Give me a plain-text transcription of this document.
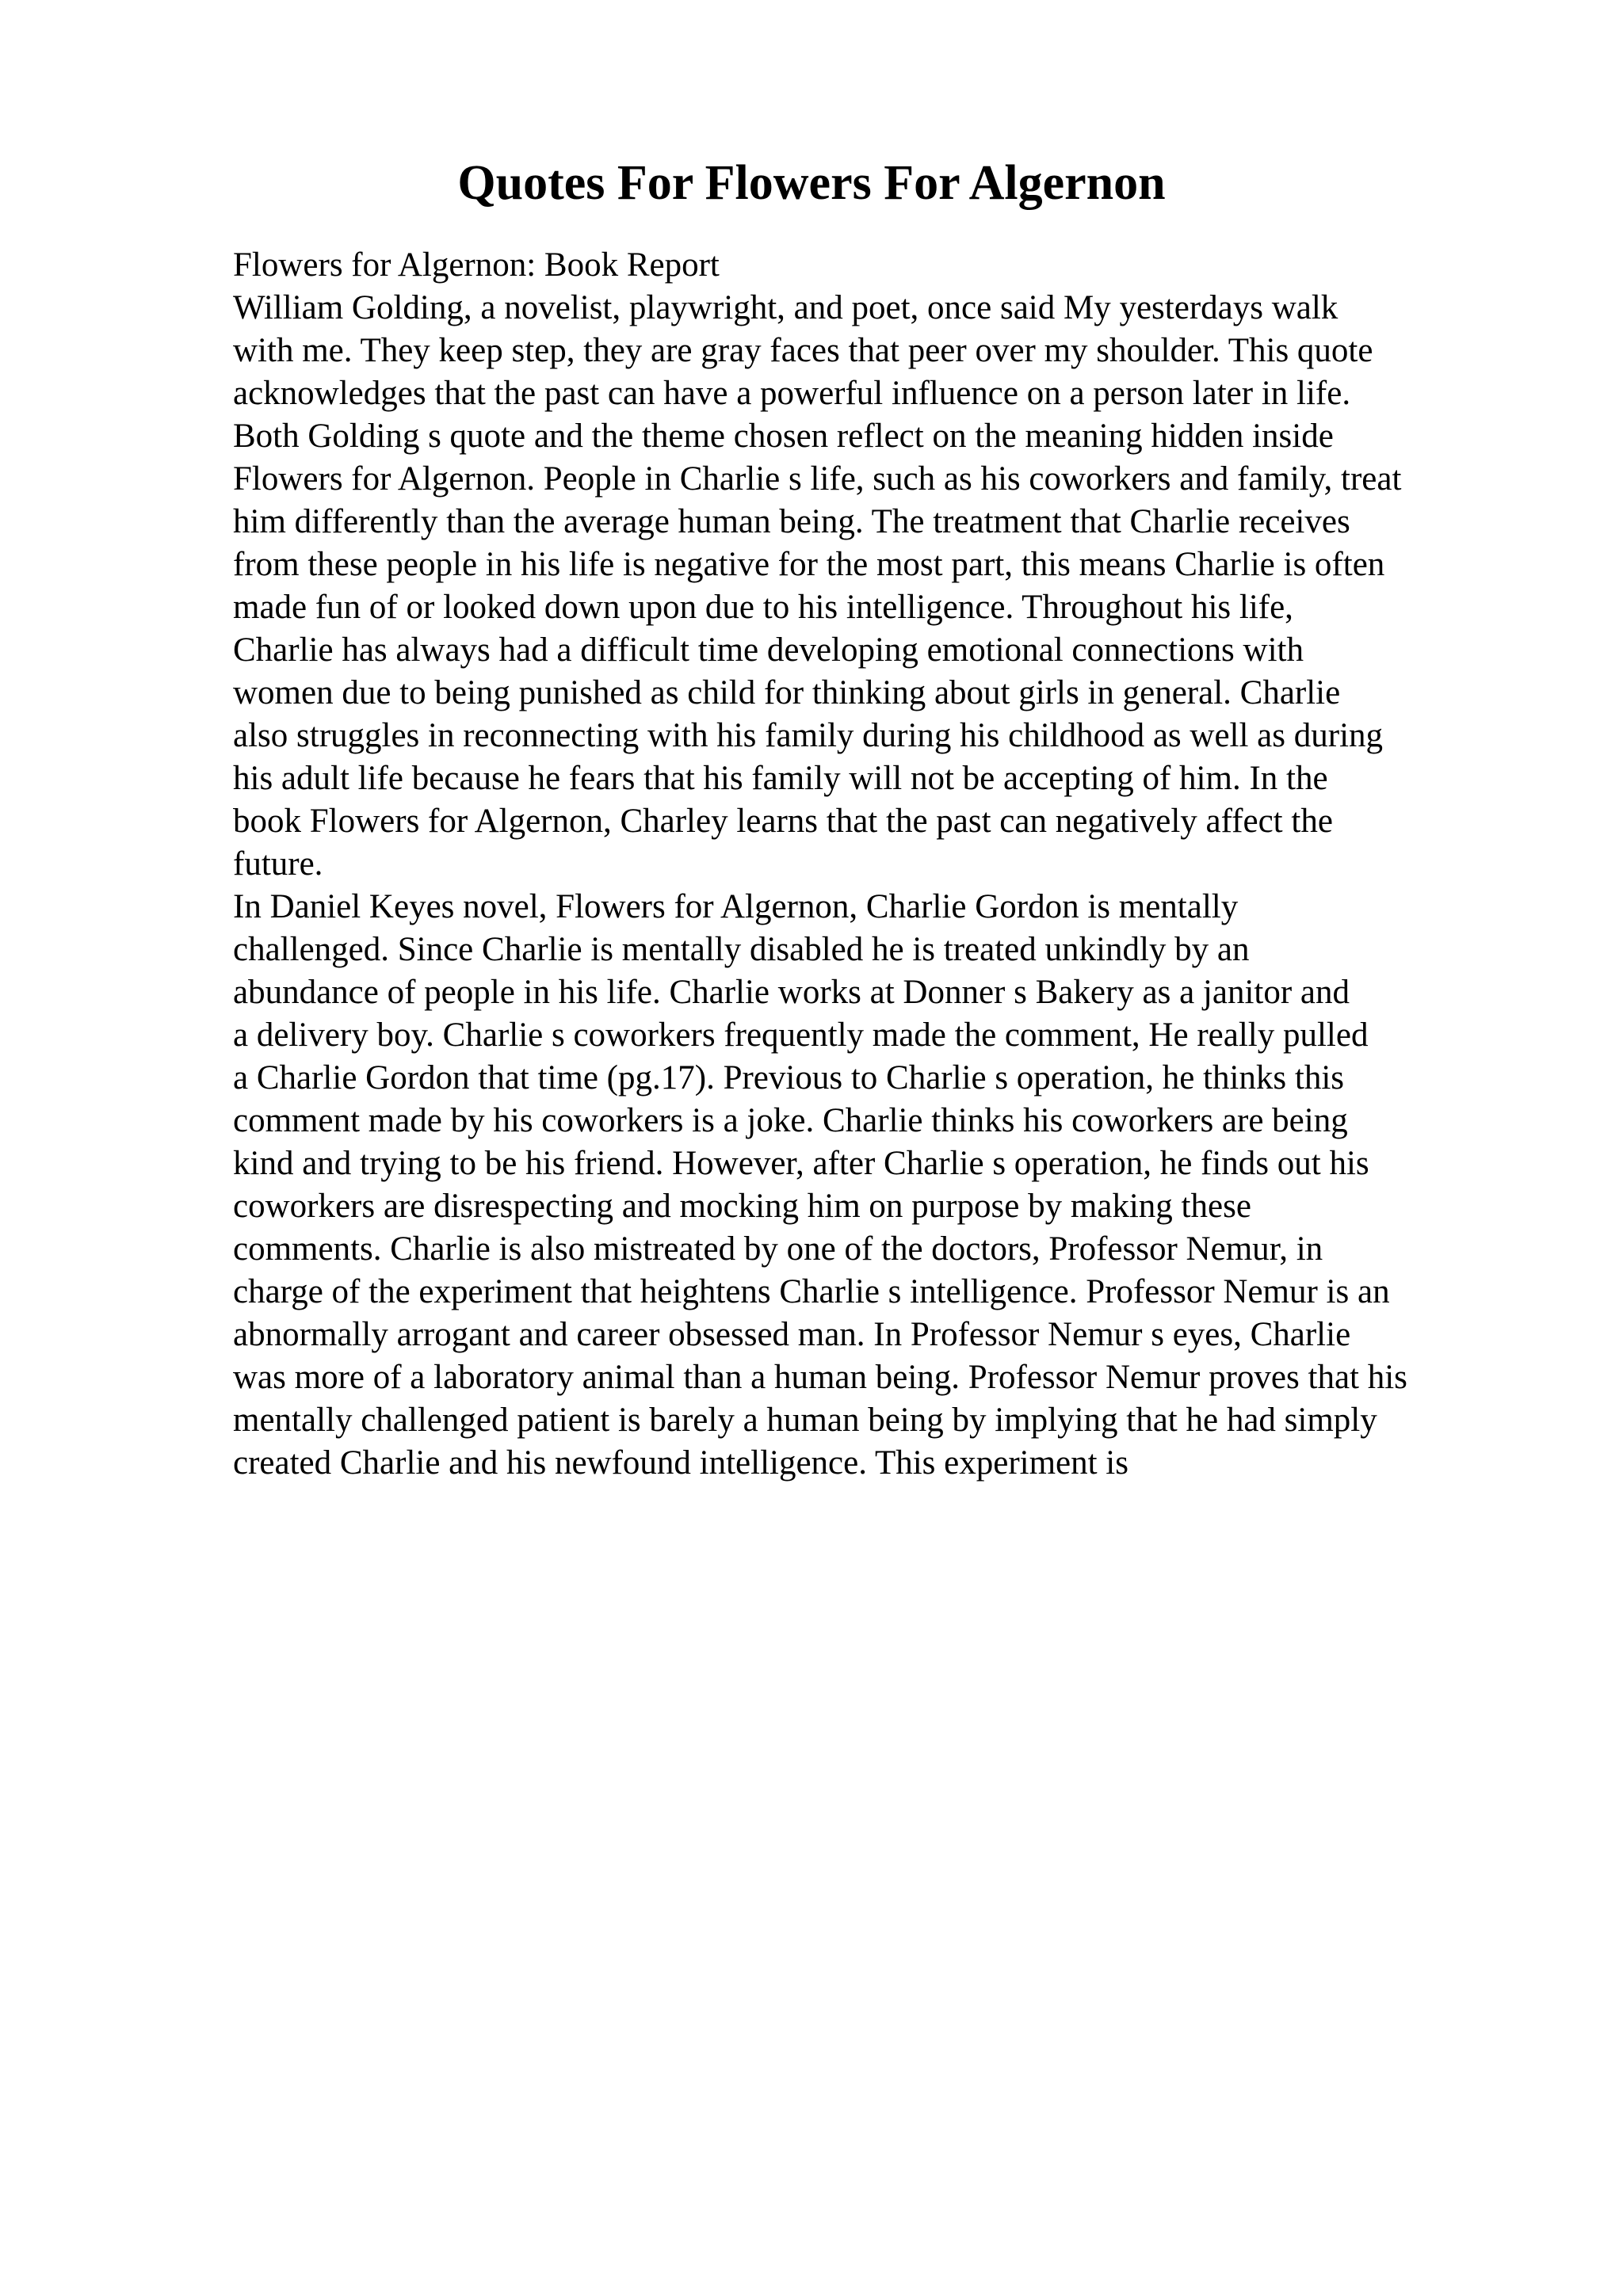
Quotes For Flowers For Algernon
Flowers for Algernon: Book Report
William Golding, a novelist, playwright, and poet, once said My yesterdays walk
with me. They keep step, they are gray faces that peer over my shoulder. This quote
acknowledges that the past can have a powerful influence on a person later in life.
Both Golding s quote and the theme chosen reflect on the meaning hidden inside
Flowers for Algernon. People in Charlie s life, such as his coworkers and family, treat
him differently than the average human being. The treatment that Charlie receives
from these people in his life is negative for the most part, this means Charlie is often
made fun of or looked down upon due to his intelligence. Throughout his life,
Charlie has always had a difficult time developing emotional connections with
women due to being punished as child for thinking about girls in general. Charlie
also struggles in reconnecting with his family during his childhood as well as during
his adult life because he fears that his family will not be accepting of him. In the
book Flowers for Algernon, Charley learns that the past can negatively affect the
future.
In Daniel Keyes novel, Flowers for Algernon, Charlie Gordon is mentally
challenged. Since Charlie is mentally disabled he is treated unkindly by an
abundance of people in his life. Charlie works at Donner s Bakery as a janitor and
a delivery boy. Charlie s coworkers frequently made the comment, He really pulled
a Charlie Gordon that time (pg.17). Previous to Charlie s operation, he thinks this
comment made by his coworkers is a joke. Charlie thinks his coworkers are being
kind and trying to be his friend. However, after Charlie s operation, he finds out his
coworkers are disrespecting and mocking him on purpose by making these
comments. Charlie is also mistreated by one of the doctors, Professor Nemur, in
charge of the experiment that heightens Charlie s intelligence. Professor Nemur is an
abnormally arrogant and career obsessed man. In Professor Nemur s eyes, Charlie
was more of a laboratory animal than a human being. Professor Nemur proves that his
mentally challenged patient is barely a human being by implying that he had simply
created Charlie and his newfound intelligence. This experiment is
